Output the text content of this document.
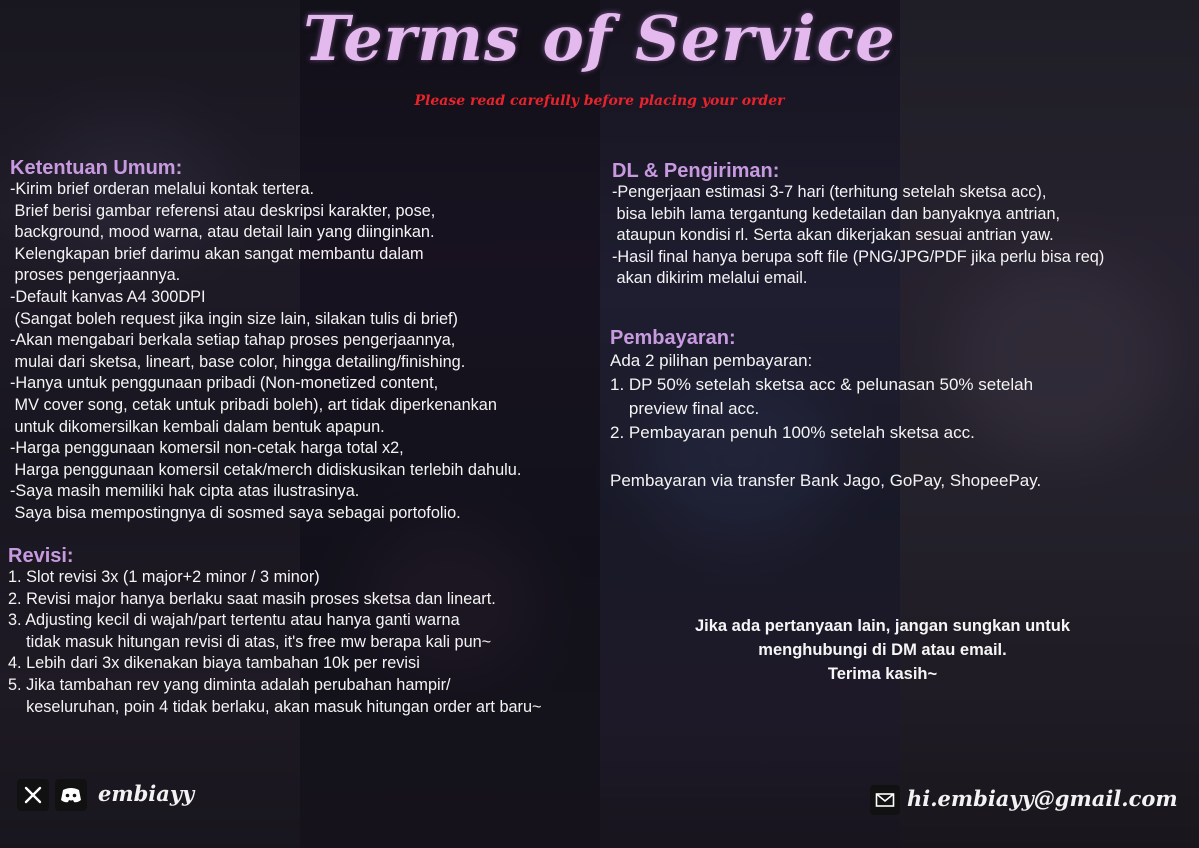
Terms of Service
Please read carefully before placing your order

Ketentuan Umum:

-Kirim brief orderan melalui kontak tertera.
Brief berisi gambar referensi atau deskripsi karakter, pose,
background, mood warna, atau detail lain yang diinginkan.
Kelengkapan brief darimu akan sangat membantu dalam
proses pengerjaannya.
-Default kanvas A4 300DPI
(Sangat boleh request jika ingin size lain, silakan tulis di brief)
-Akan mengabari berkala setiap tahap proses pengerjaannya,
mulai dari sketsa, lineart, base color, hingga detailing/finishing.
-Hanya untuk penggunaan pribadi (Non-monetized content,
MV cover song, cetak untuk pribadi boleh), art tidak diperkenankan
untuk dikomersilkan kembali dalam bentuk apapun.
-Harga penggunaan komersil non-cetak harga total x2,
Harga penggunaan komersil cetak/merch didiskusikan terlebih dahulu.
-Saya masih memiliki hak cipta atas ilustrasinya.
Saya bisa mempostingnya di sosmed saya sebagai portofolio.

Revisi:

1. Slot revisi 3x (1 major+2 minor / 3 minor)
2. Revisi major hanya berlaku saat masih proses sketsa dan lineart.
3. Adjusting kecil di wajah/part tertentu atau hanya ganti warna
tidak masuk hitungan revisi di atas, it's free mw berapa kali pun~
4. Lebih dari 3x dikenakan biaya tambahan 10k per revisi
5. Jika tambahan rev yang diminta adalah perubahan hampir/
keseluruhan, poin 4 tidak berlaku, akan masuk hitungan order art baru~

DL & Pengiriman:

-Pengerjaan estimasi 3-7 hari (terhitung setelah sketsa acc),
bisa lebih lama tergantung kedetailan dan banyaknya antrian,
ataupun kondisi rl. Serta akan dikerjakan sesuai antrian yaw.
-Hasil final hanya berupa soft file (PNG/JPG/PDF jika perlu bisa req)
akan dikirim melalui email.

Pembayaran:

Ada 2 pilihan pembayaran:
1. DP 50% setelah sketsa acc & pelunasan 50% setelah
preview final acc.
2. Pembayaran penuh 100% setelah sketsa acc.

Pembayaran via transfer Bank Jago, GoPay, ShopeePay.
Jika ada pertanyaan lain, jangan sungkan untuk
menghubungi di DM atau email.
Terima kasih~
embiayy	hi.embiayy@gmail.com
